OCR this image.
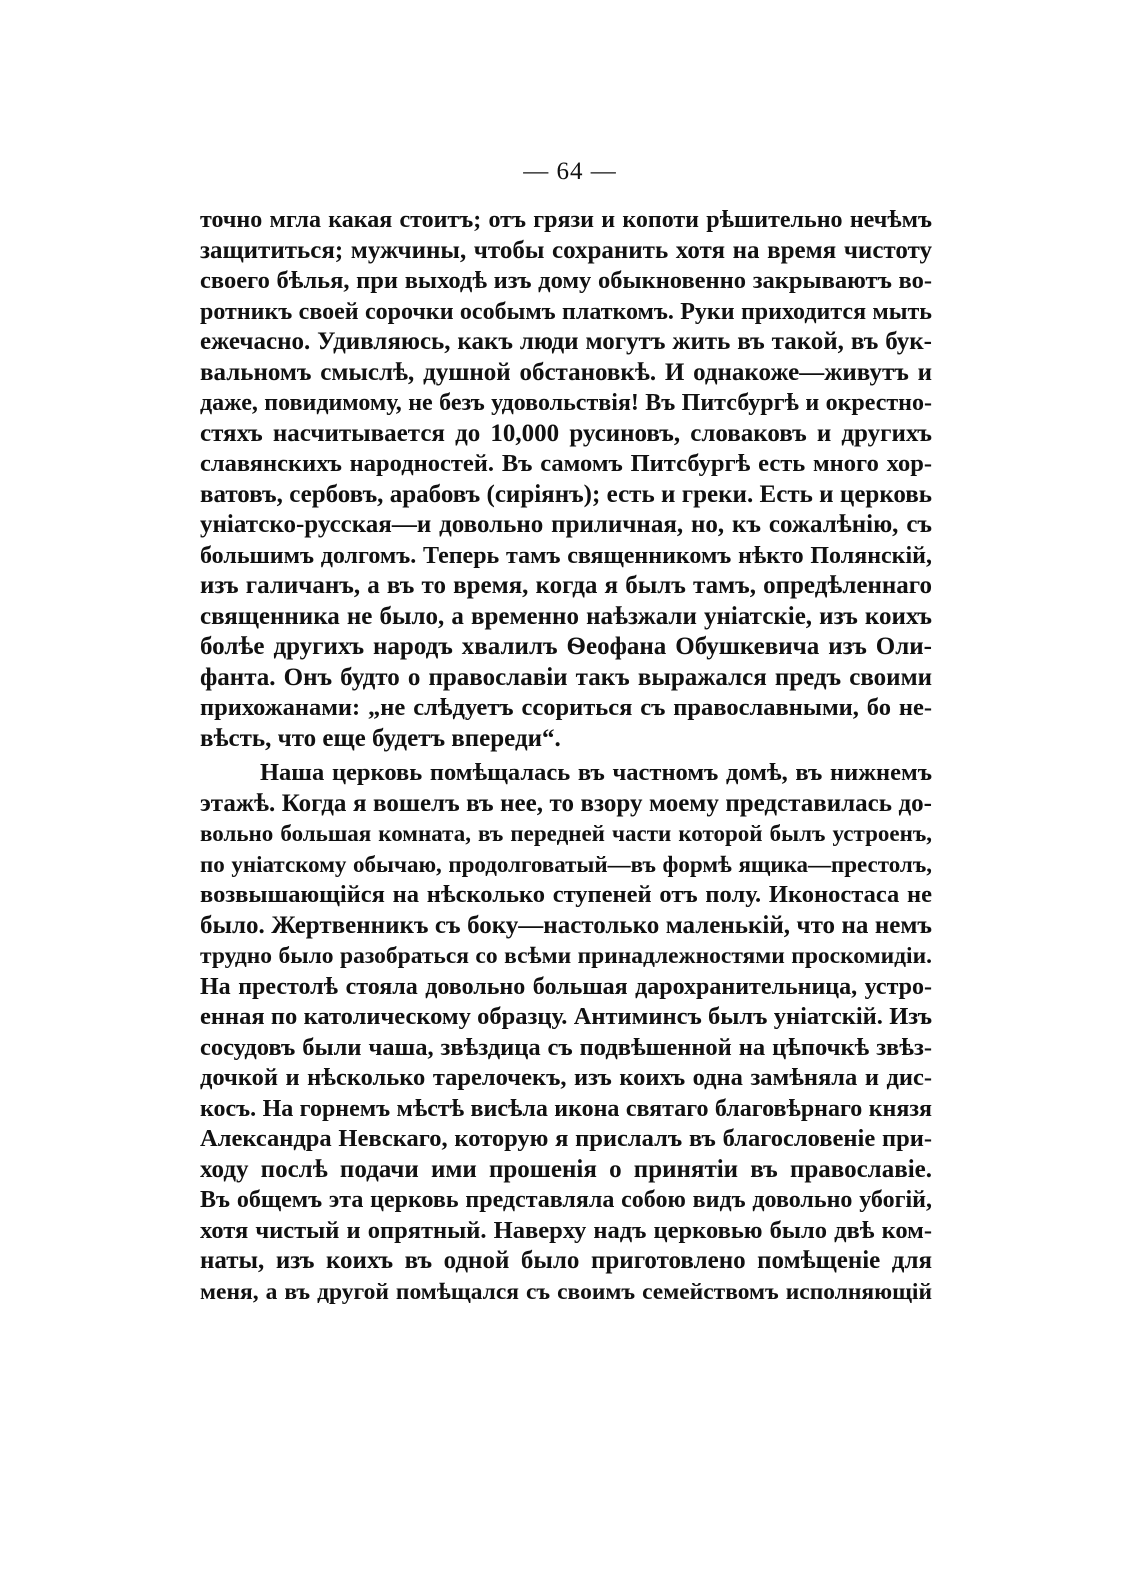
— 64 —
точно мгла какая стоитъ; отъ грязи и копоти рѣшительно нечѣмъ
защититься; мужчины, чтобы сохранить хотя на время чистоту
своего бѣлья, при выходѣ изъ дому обыкновенно закрываютъ во-
ротникъ своей сорочки особымъ платкомъ. Руки приходится мыть
ежечасно. Удивляюсь, какъ люди могутъ жить въ такой, въ бук-
вальномъ смыслѣ, душной обстановкѣ. И однакоже—живутъ и
даже, повидимому, не безъ удовольствія! Въ Питсбургѣ и окрестно-
стяхъ насчитывается до 10,000 русиновъ, словаковъ и другихъ
славянскихъ народностей. Въ самомъ Питсбургѣ есть много хор-
ватовъ, сербовъ, арабовъ (сиріянъ); есть и греки. Есть и церковь
уніатско-русская—и довольно приличная, но, къ сожалѣнію, съ
большимъ долгомъ. Теперь тамъ священникомъ нѣкто Полянскій,
изъ галичанъ, а въ то время, когда я былъ тамъ, опредѣленнаго
священника не было, а временно наѣзжали уніатскіе, изъ коихъ
болѣе другихъ народъ хвалилъ Ѳеофана Обушкевича изъ Оли-
фанта. Онъ будто о православіи такъ выражался предъ своими
прихожанами: „не слѣдуетъ ссориться съ православными, бо не-
вѣсть, что еще будетъ впереди“.
Наша церковь помѣщалась въ частномъ домѣ, въ нижнемъ
этажѣ. Когда я вошелъ въ нее, то взору моему представилась до-
вольно большая комната, въ передней части которой былъ устроенъ,
по уніатскому обычаю, продолговатый—въ формѣ ящика—престолъ,
возвышающійся на нѣсколько ступеней отъ полу. Иконостаса не
было. Жертвенникъ съ боку—настолько маленькій, что на немъ
трудно было разобраться со всѣми принадлежностями проскомидіи.
На престолѣ стояла довольно большая дарохранительница, устро-
енная по католическому образцу. Антиминсъ былъ уніатскій. Изъ
сосудовъ были чаша, звѣздица съ подвѣшенной на цѣпочкѣ звѣз-
дочкой и нѣсколько тарелочекъ, изъ коихъ одна замѣняла и дис-
косъ. На горнемъ мѣстѣ висѣла икона святаго благовѣрнаго князя
Александра Невскаго, которую я прислалъ въ благословеніе при-
ходу послѣ подачи ими прошенія о принятіи въ православіе.
Въ общемъ эта церковь представляла собою видъ довольно убогій,
хотя чистый и опрятный. Наверху надъ церковью было двѣ ком-
наты, изъ коихъ въ одной было приготовлено помѣщеніе для
меня, а въ другой помѣщался съ своимъ семействомъ исполняющій
